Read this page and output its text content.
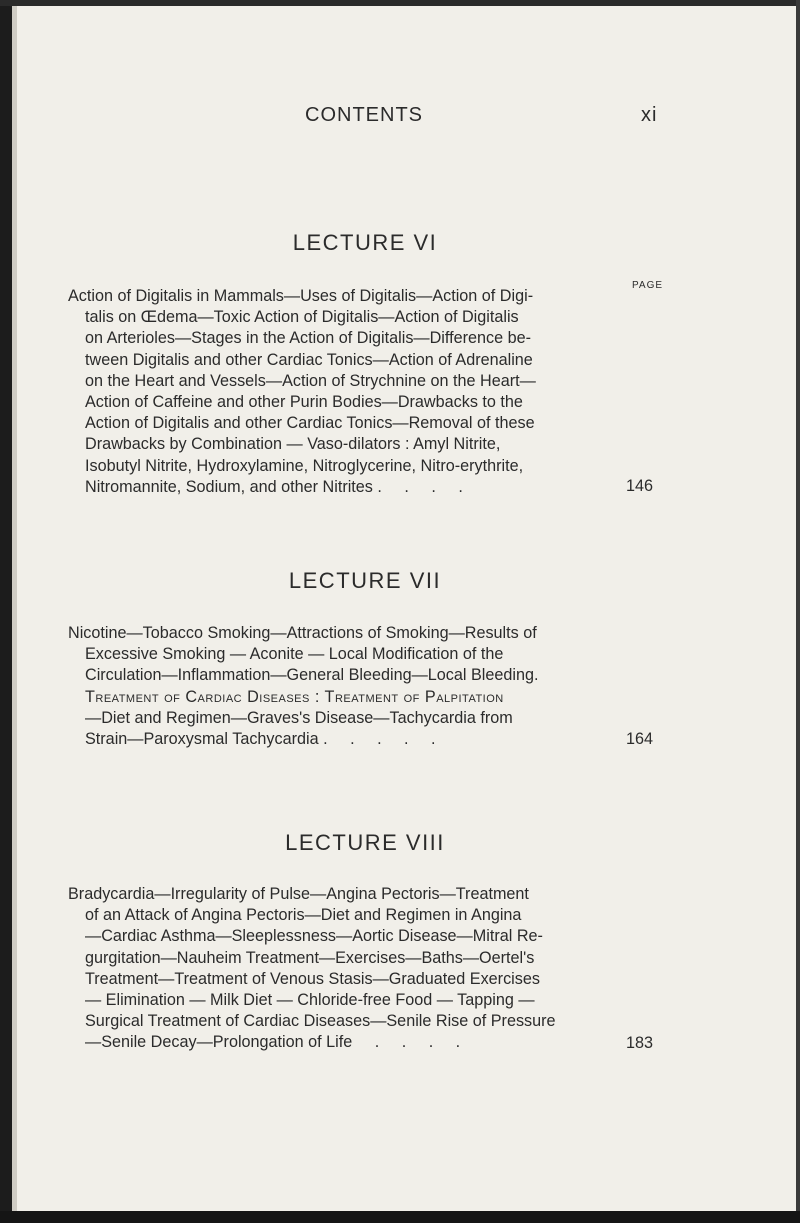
CONTENTS	xi
LECTURE VI
PAGE
Action of Digitalis in Mammals—Uses of Digitalis—Action of Digi-
talis on Œdema—Toxic Action of Digitalis—Action of Digitalis
on Arterioles—Stages in the Action of Digitalis—Difference be-
tween Digitalis and other Cardiac Tonics—Action of Adrenaline
on the Heart and Vessels—Action of Strychnine on the Heart—
Action of Caffeine and other Purin Bodies—Drawbacks to the
Action of Digitalis and other Cardiac Tonics—Removal of these
Drawbacks by Combination — Vaso-dilators : Amyl Nitrite,
Isobutyl Nitrite, Hydroxylamine, Nitroglycerine, Nitro-erythrite,
Nitromannite, Sodium, and other Nitrites .     .     .     .	146
LECTURE VII
Nicotine—Tobacco Smoking—Attractions of Smoking—Results of
Excessive Smoking — Aconite — Local Modification of the
Circulation—Inflammation—General Bleeding—Local Bleeding.
Treatment of Cardiac Diseases : Treatment of Palpitation
—Diet and Regimen—Graves's Disease—Tachycardia from
Strain—Paroxysmal Tachycardia .     .     .     .     .	164
LECTURE VIII
Bradycardia—Irregularity of Pulse—Angina Pectoris—Treatment
of an Attack of Angina Pectoris—Diet and Regimen in Angina
—Cardiac Asthma—Sleeplessness—Aortic Disease—Mitral Re-
gurgitation—Nauheim Treatment—Exercises—Baths—Oertel's
Treatment—Treatment of Venous Stasis—Graduated Exercises
— Elimination — Milk Diet — Chloride-free Food — Tapping —
Surgical Treatment of Cardiac Diseases—Senile Rise of Pressure
—Senile Decay—Prolongation of Life     .     .     .     .	183
